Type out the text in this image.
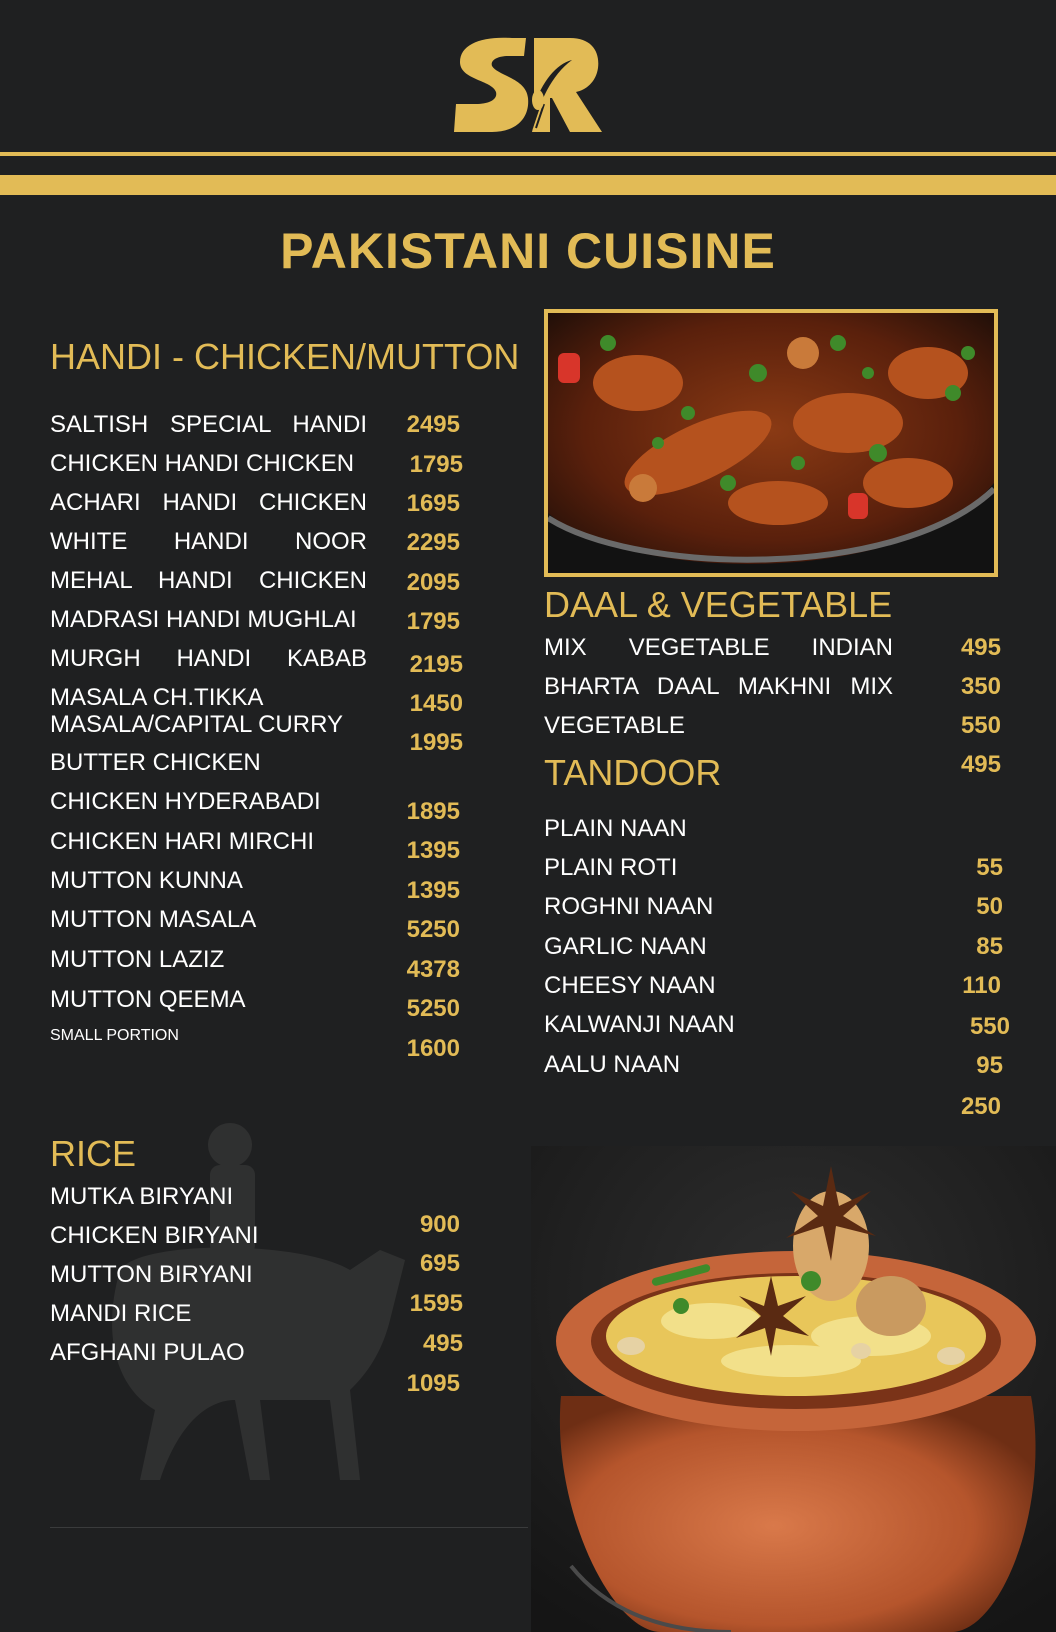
PAKISTANI CUISINE
HANDI - CHICKEN/MUTTON
SALTISH SPECIAL HANDI
CHICKEN HANDI CHICKEN
ACHARI HANDI CHICKEN
WHITE HANDI NOOR
MEHAL HANDI CHICKEN
MADRASI HANDI MUGHLAI
MURGH HANDI KABAB
MASALA CH.TIKKA
MASALA/CAPITAL CURRY
BUTTER CHICKEN
CHICKEN HYDERABADI
CHICKEN HARI MIRCHI
MUTTON KUNNA
MUTTON MASALA
MUTTON LAZIZ
MUTTON QEEMA
SMALL PORTION
2495
1795
1695
2295
2095
1795
2195
1450
1995
1895
1395
1395
5250
4378
5250
1600
DAAL & VEGETABLE
MIX VEGETABLE INDIAN
BHARTA DAAL MAKHNI MIX
VEGETABLE
495
350
550
495
TANDOOR
PLAIN NAAN
PLAIN ROTI
ROGHNI NAAN
GARLIC NAAN
CHEESY NAAN
KALWANJI NAAN
AALU NAAN
55
50
85
110
550
95
250
RICE
MUTKA BIRYANI
CHICKEN BIRYANI
MUTTON BIRYANI
MANDI RICE
AFGHANI PULAO
900
695
1595
495
1095
